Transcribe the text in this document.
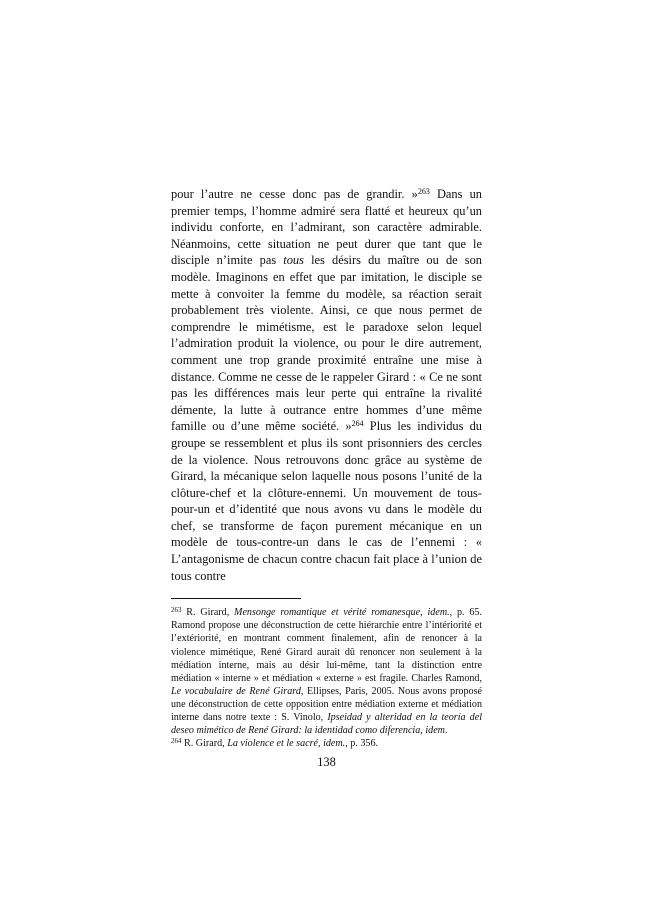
pour l’autre ne cesse donc pas de grandir. »$^{263}$ Dans un premier temps, l’homme admiré sera flatté et heureux qu’un individu conforte, en l’admirant, son caractère admirable. Néanmoins, cette situation ne peut durer que tant que le disciple n’imite pas tous les désirs du maître ou de son modèle. Imaginons en effet que par imitation, le disciple se mette à convoiter la femme du modèle, sa réaction serait probablement très violente. Ainsi, ce que nous permet de comprendre le mimétisme, est le paradoxe selon lequel l’admiration produit la violence, ou pour le dire autrement, comment une trop grande proximité entraîne une mise à distance. Comme ne cesse de le rappeler Girard : « Ce ne sont pas les différences mais leur perte qui entraîne la rivalité démente, la lutte à outrance entre hommes d’une même famille ou d’une même société. »$^{264}$ Plus les individus du groupe se ressemblent et plus ils sont prisonniers des cercles de la violence. Nous retrouvons donc grâce au système de Girard, la mécanique selon laquelle nous posons l’unité de la clôture-chef et la clôture-ennemi. Un mouvement de tous-pour-un et d’identité que nous avons vu dans le modèle du chef, se transforme de façon purement mécanique en un modèle de tous-contre-un dans le cas de l’ennemi : « L’antagonisme de chacun contre chacun fait place à l’union de tous contre

$^{263}$ R. Girard, Mensonge romantique et vérité romanesque, idem., p. 65. Ramond propose une déconstruction de cette hiérarchie entre l’intériorité et l’extériorité, en montrant comment finalement, afin de renoncer à la violence mimétique, René Girard aurait dû renoncer non seulement à la médiation interne, mais au désir lui-même, tant la distinction entre médiation « interne » et médiation « externe » est fragile. Charles Ramond, Le vocabulaire de René Girard, Ellipses, Paris, 2005. Nous avons proposé une déconstruction de cette opposition entre médiation externe et médiation interne dans notre texte : S. Vinolo, Ipseidad y alteridad en la teoría del deseo mimético de René Girard: la identidad como diferencia, idem.

$^{264}$ R. Girard, La violence et le sacré, idem., p. 356.

138
